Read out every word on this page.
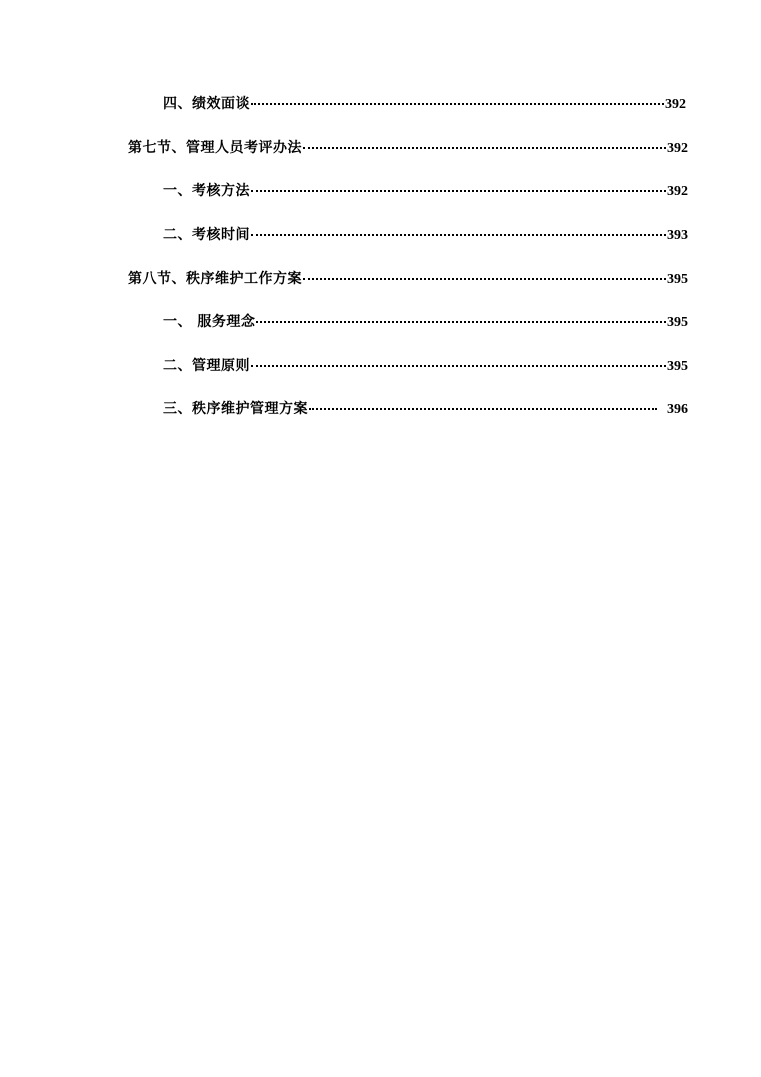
四、绩效面谈	392
第七节、管理人员考评办法	392
一、考核方法	392
二、考核时间	393
第八节、秩序维护工作方案	395
一、 服务理念	395
二、管理原则	395
三、秩序维护管理方案	396
